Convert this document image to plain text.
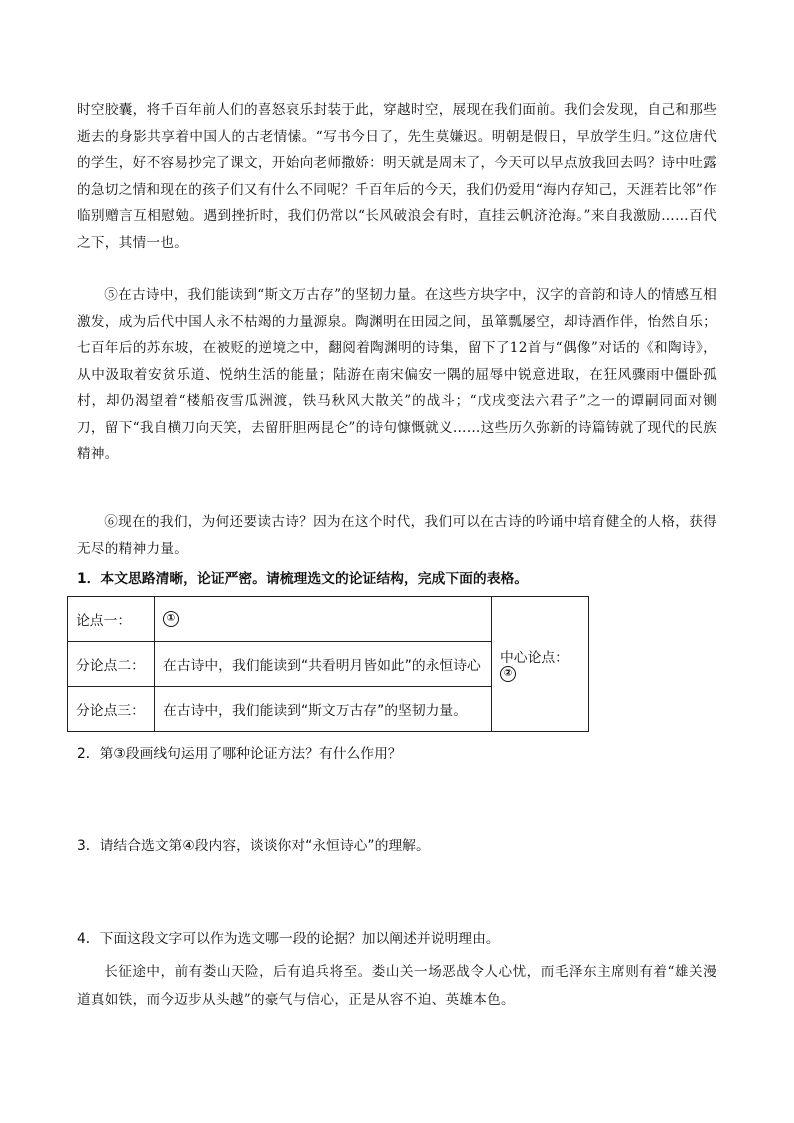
时空胶囊，将千百年前人们的喜怒哀乐封装于此，穿越时空，展现在我们面前。我们会发现，自己和那些逝去的身影共享着中国人的古老情愫。“写书今日了，先生莫嫌迟。明朝是假日，早放学生归。”这位唐代的学生，好不容易抄完了课文，开始向老师撒娇：明天就是周末了，今天可以早点放我回去吗？诗中吐露的急切之情和现在的孩子们又有什么不同呢？千百年后的今天，我们仍爱用“海内存知己，天涯若比邻”作临别赠言互相慰勉。遇到挫折时，我们仍常以“长风破浪会有时，直挂云帆济沧海。”来自我激励……百代之下，其情一也。

⑤在古诗中，我们能读到“斯文万古存”的坚韧力量。在这些方块字中，汉字的音韵和诗人的情感互相激发，成为后代中国人永不枯竭的力量源泉。陶渊明在田园之间，虽箪瓢屡空，却诗酒作伴，怡然自乐；七百年后的苏东坡，在被贬的逆境之中，翻阅着陶渊明的诗集，留下了12首与“偶像”对话的《和陶诗》，从中汲取着安贫乐道、悦纳生活的能量；陆游在南宋偏安一隅的屈辱中锐意进取，在狂风骤雨中僵卧孤村，却仍渴望着“楼船夜雪瓜洲渡，铁马秋风大散关”的战斗；“戊戌变法六君子”之一的谭嗣同面对铡刀，留下“我自横刀向天笑，去留肝胆两昆仑”的诗句慷慨就义……这些历久弥新的诗篇铸就了现代的民族精神。

⑥现在的我们，为何还要读古诗？因为在这个时代，我们可以在古诗的吟诵中培育健全的人格，获得无尽的精神力量。

1．本文思路清晰，论证严密。请梳理选文的论证结构，完成下面的表格。

论点一：	①	中心论点：②
分论点二：	在古诗中，我们能读到“共看明月皆如此”的永恒诗心	
分论点三：	在古诗中，我们能读到“斯文万古存”的坚韧力量。	

2．第③段画线句运用了哪种论证方法？有什么作用？

3．请结合选文第④段内容，谈谈你对“永恒诗心”的理解。

4．下面这段文字可以作为选文哪一段的论据？加以阐述并说明理由。

长征途中，前有娄山天险，后有追兵将至。娄山关一场恶战令人心忧，而毛泽东主席则有着“雄关漫道真如铁，而今迈步从头越”的豪气与信心，正是从容不迫、英雄本色。
